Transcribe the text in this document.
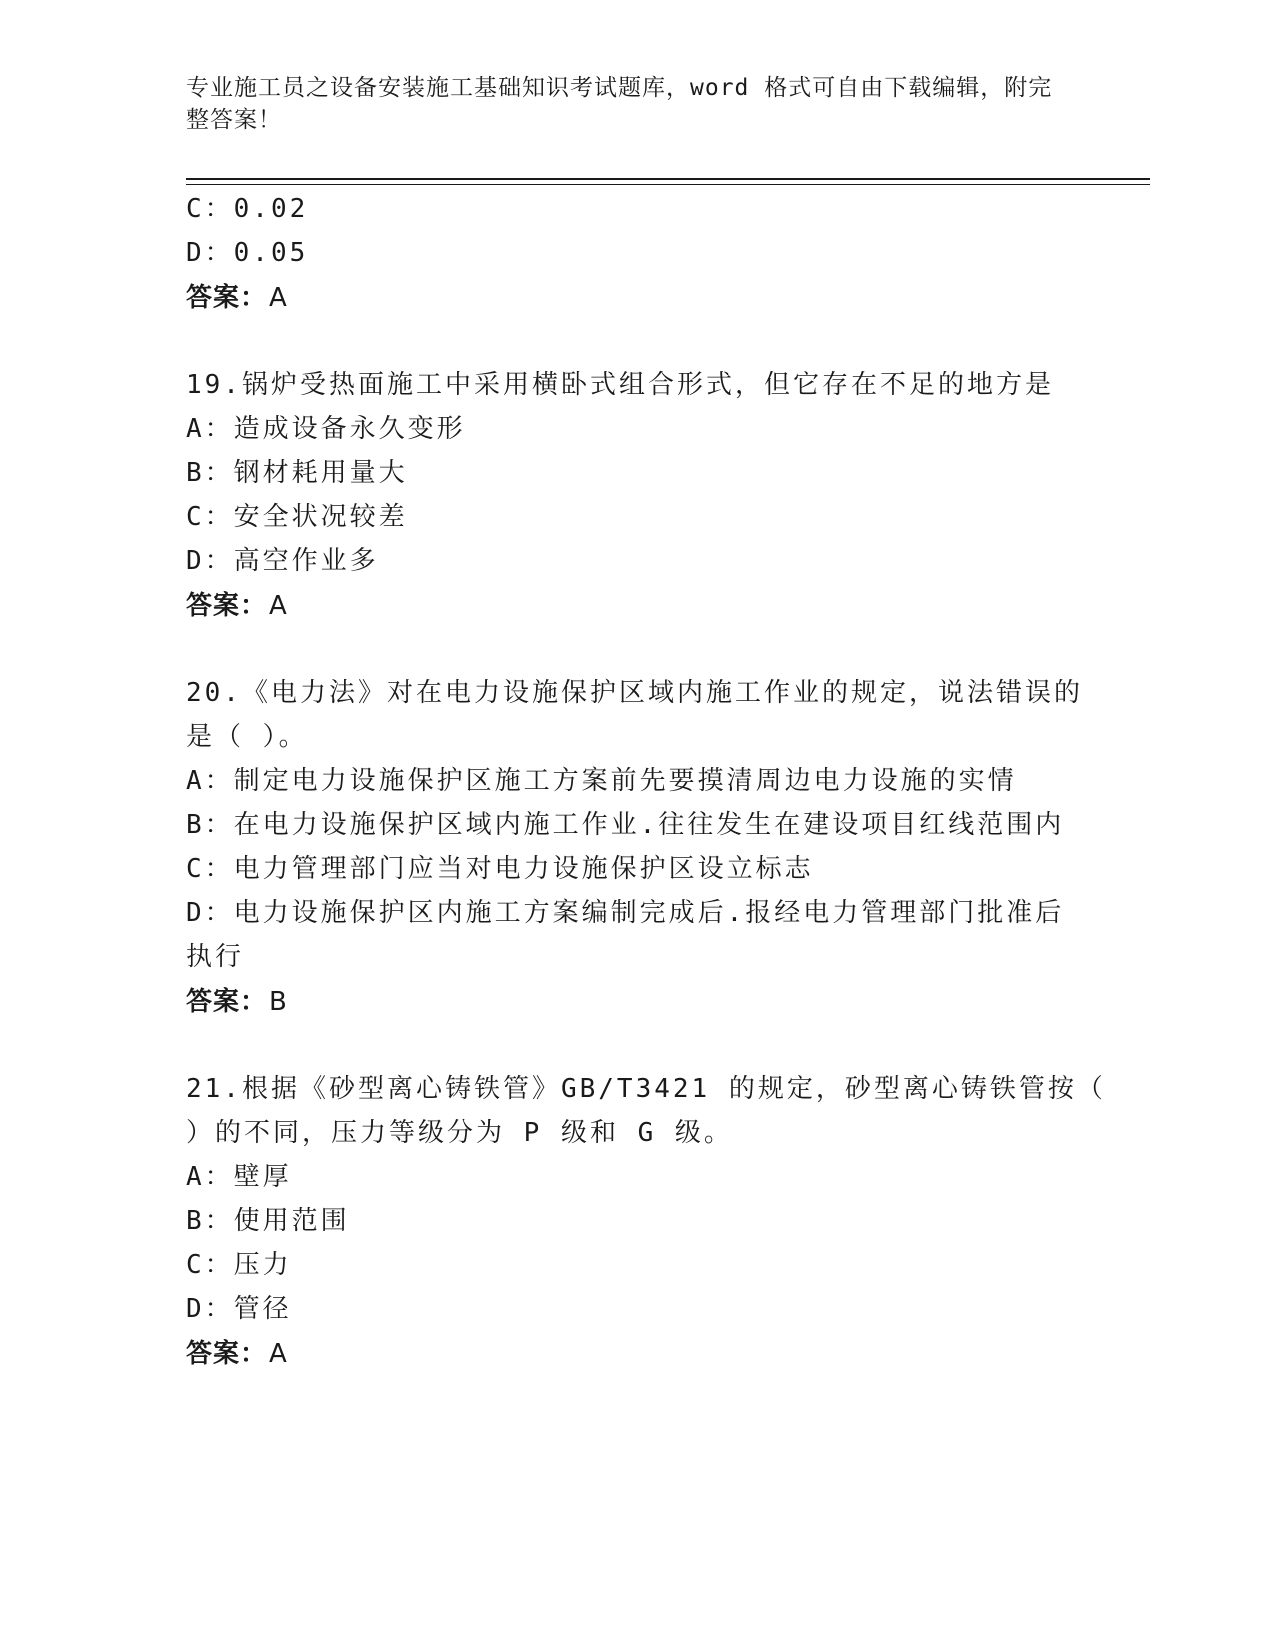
专业施工员之设备安装施工基础知识考试题库，word 格式可自由下载编辑，附完
整答案！
C：0.02
D：0.05
答案：A
19.锅炉受热面施工中采用横卧式组合形式，但它存在不足的地方是
A：造成设备永久变形
B：钢材耗用量大
C：安全状况较差
D：高空作业多
答案：A
20.《电力法》对在电力设施保护区域内施工作业的规定，说法错误的
是（ ）。
A：制定电力设施保护区施工方案前先要摸清周边电力设施的实情
B：在电力设施保护区域内施工作业.往往发生在建设项目红线范围内
C：电力管理部门应当对电力设施保护区设立标志
D：电力设施保护区内施工方案编制完成后.报经电力管理部门批准后
执行
答案：B
21.根据《砂型离心铸铁管》GB/T3421 的规定，砂型离心铸铁管按（
）的不同，压力等级分为 P 级和 G 级。
A：壁厚
B：使用范围
C：压力
D：管径
答案：A
